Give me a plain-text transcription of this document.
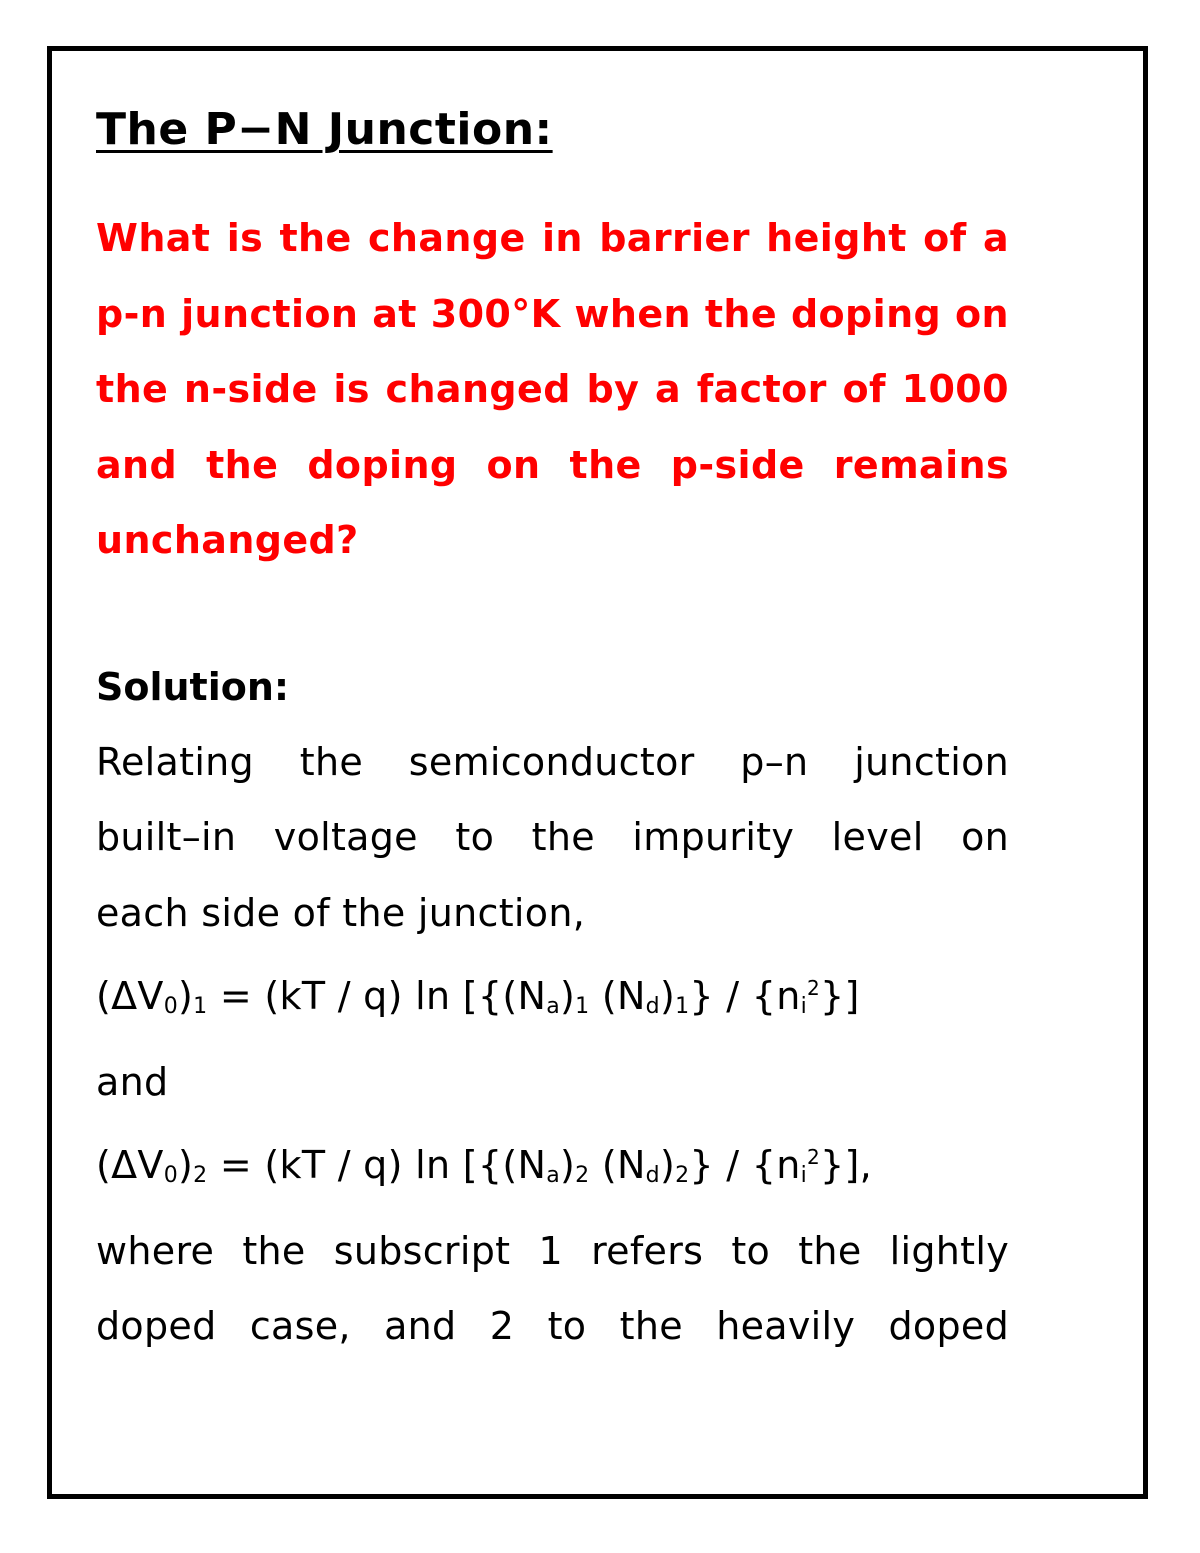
The P−N Junction:

What is the change in barrier height of a p-n junction at 300°K when the doping on the n-side is changed by a factor of 1000 and the doping on the p-side remains unchanged?

Solution:

Relating the semiconductor p–n junction
built–in voltage to the impurity level on
each side of the junction,
(ΔV0)1 = (kT / q) ln [{(Na)1 $(Nd)1\} / \{ni^2\}$]
and
(ΔV0)2 = (kT / q) ln [{(Na)2 $(Nd)2\} / \{ni^2\}$],
where the subscript 1 refers to the lightly
doped case, and 2 to the heavily doped
